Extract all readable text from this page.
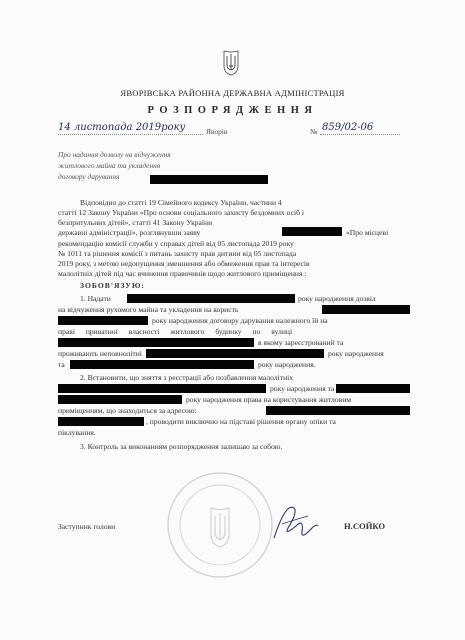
ЯВОРІВСЬКА РАЙОННА ДЕРЖАВНА АДМІНІСТРАЦІЯ
РОЗПОРЯДЖЕННЯ
14 листопада 2019року	Яворів	№ 859/02-06
Про надання дозволу на відчуження
житлового майна та укладення
договору дарування
Відповідно до статті 19 Сімейного кодексу України, частини 4
статті 12 Закону України «Про основи соціального захисту бездомних осіб і
безпритульних дітей», статті 41 Закону України
«Про місцеві
державні адміністрації», розглянувши заяву
рекомендацію комісії служби у справах дітей від 05 листопада 2019 року
№ 1011 та рішення комісії з питань захисту прав дитини від 05 листопада
2019 року, з метою недопущення зменшення або обмеження прав та інтересів
малолітніх дітей під час вчинення правочинів щодо житлового приміщення :
ЗОБОВ'ЯЗУЮ:
1. Надати	року народження дозвіл
на відчуження рухомого майна та укладення на користь
року народження договору дарування належного їй на
праві приватної власності житлового будинку по вулиці
в якому зареєстрований та
проживають неповнолітні	року народження
та	року народження.
2. Встановити, що зняття з реєстрації або позбавлення малолітніх
року народження та
року народження права на користування житловим
приміщенням, що знаходиться за адресою:
, проводити виключно на підставі рішення органу опіки та
піклування.
3. Контроль за виконанням розпорядження залишаю за собою.
Заступник голови	Н.СОЙКО
